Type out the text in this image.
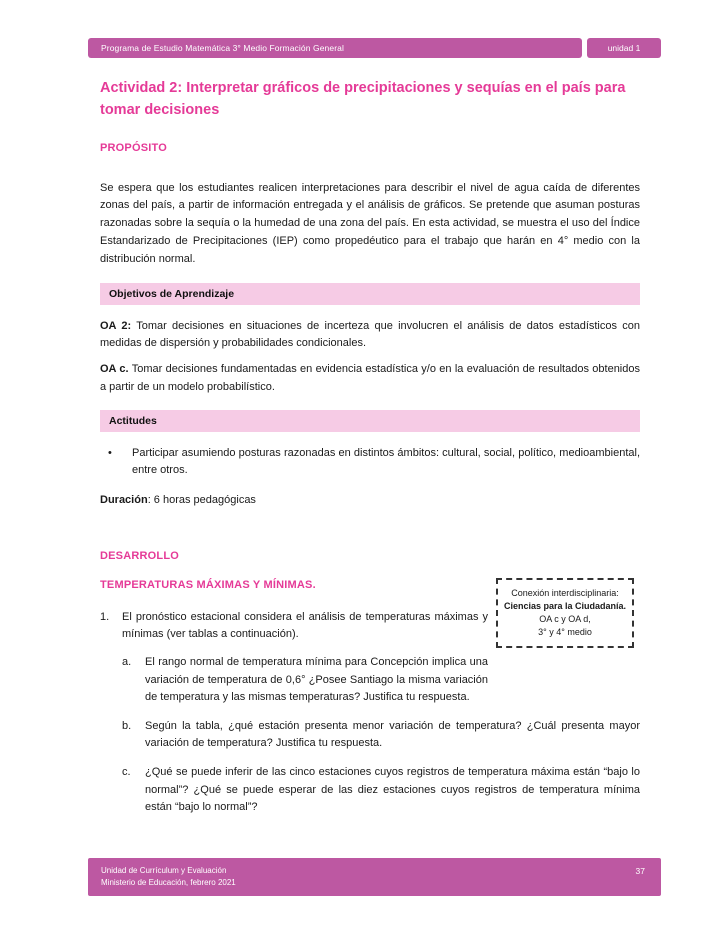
Programa de Estudio Matemática 3° Medio Formación General	unidad 1
Actividad 2: Interpretar gráficos de precipitaciones y sequías en el país para tomar decisiones
PROPÓSITO

Se espera que los estudiantes realicen interpretaciones para describir el nivel de agua caída de diferentes zonas del país, a partir de información entregada y el análisis de gráficos. Se pretende que asuman posturas razonadas sobre la sequía o la humedad de una zona del país. En esta actividad, se muestra el uso del Índice Estandarizado de Precipitaciones (IEP) como propedéutico para el trabajo que harán en 4° medio con la distribución normal.

Objetivos de Aprendizaje

OA 2: Tomar decisiones en situaciones de incerteza que involucren el análisis de datos estadísticos con medidas de dispersión y probabilidades condicionales.

OA c. Tomar decisiones fundamentadas en evidencia estadística y/o en la evaluación de resultados obtenidos a partir de un modelo probabilístico.

Actitudes
•	Participar asumiendo posturas razonadas en distintos ámbitos: cultural, social, político, medioambiental, entre otros.

Duración: 6 horas pedagógicas

DESARROLLO
TEMPERATURAS MÁXIMAS Y MÍNIMAS.
1.	El pronóstico estacional considera el análisis de temperaturas máximas y mínimas (ver tablas a continuación).
a.	El rango normal de temperatura mínima para Concepción implica una variación de temperatura de 0,6° ¿Posee Santiago la misma variación de temperatura y las mismas temperaturas? Justifica tu respuesta.
b.	Según la tabla, ¿qué estación presenta menor variación de temperatura? ¿Cuál presenta mayor variación de temperatura? Justifica tu respuesta.
c.	¿Qué se puede inferir de las cinco estaciones cuyos registros de temperatura máxima están “bajo lo normal”? ¿Qué se puede esperar de las diez estaciones cuyos registros de temperatura mínima están “bajo lo normal”?
Conexión interdisciplinaria:
Ciencias para la Ciudadanía.
OA c y OA d,
3° y 4° medio
Unidad de Currículum y Evaluación
Ministerio de Educación, febrero 2021
37
